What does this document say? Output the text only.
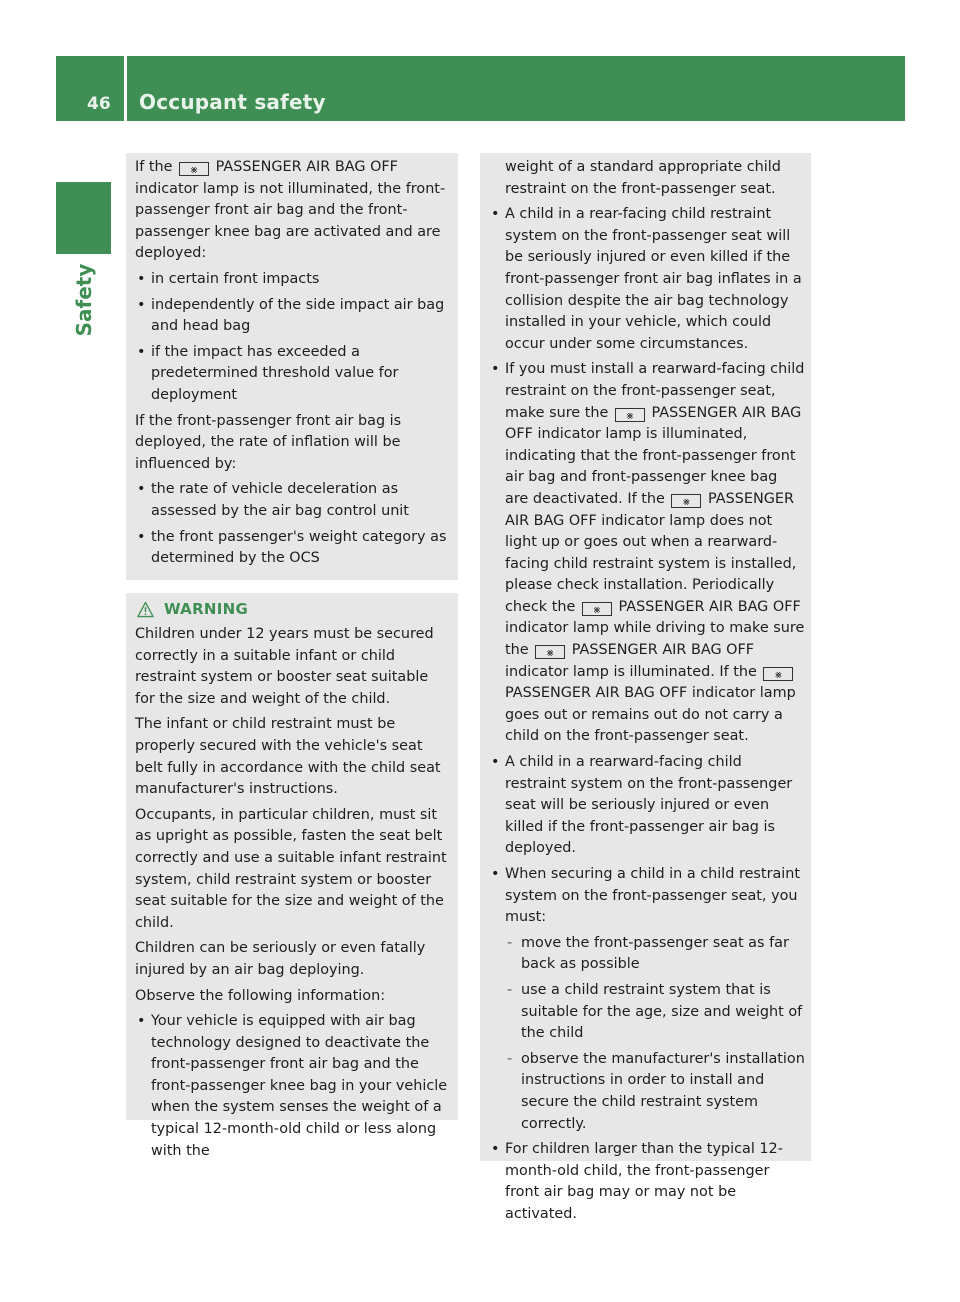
46 Occupant safety
Safety

If the ⨳ PASSENGER AIR BAG OFF indicator lamp is not illuminated, the front-passenger front air bag and the front-passenger knee bag are activated and are deployed:

• in certain front impacts
• independently of the side impact air bag and head bag
• if the impact has exceeded a predetermined threshold value for deployment

If the front-passenger front air bag is deployed, the rate of inflation will be influenced by:

• the rate of vehicle deceleration as assessed by the air bag control unit
• the front passenger's weight category as determined by the OCS
WARNING

Children under 12 years must be secured correctly in a suitable infant or child restraint system or booster seat suitable for the size and weight of the child.

The infant or child restraint must be properly secured with the vehicle's seat belt fully in accordance with the child seat manufacturer's instructions.

Occupants, in particular children, must sit as upright as possible, fasten the seat belt correctly and use a suitable infant restraint system, child restraint system or booster seat suitable for the size and weight of the child.

Children can be seriously or even fatally injured by an air bag deploying.

Observe the following information:

• Your vehicle is equipped with air bag technology designed to deactivate the front-passenger front air bag and the front-passenger knee bag in your vehicle when the system senses the weight of a typical 12-month-old child or less along with the

weight of a standard appropriate child restraint on the front-passenger seat.

• A child in a rear-facing child restraint system on the front-passenger seat will be seriously injured or even killed if the front-passenger front air bag inflates in a collision despite the air bag technology installed in your vehicle, which could occur under some circumstances.
• If you must install a rearward-facing child restraint on the front-passenger seat, make sure the ⨳ PASSENGER AIR BAG OFF indicator lamp is illuminated, indicating that the front-passenger front air bag and front-passenger knee bag are deactivated. If the ⨳ PASSENGER AIR BAG OFF indicator lamp does not light up or goes out when a rearward-facing child restraint system is installed, please check installation. Periodically check the ⨳ PASSENGER AIR BAG OFF indicator lamp while driving to make sure the ⨳ PASSENGER AIR BAG OFF indicator lamp is illuminated. If the ⨳ PASSENGER AIR BAG OFF indicator lamp goes out or remains out do not carry a child on the front-passenger seat.
• A child in a rearward-facing child restraint system on the front-passenger seat will be seriously injured or even killed if the front-passenger air bag is deployed.
• When securing a child in a child restraint system on the front-passenger seat, you must:
- move the front-passenger seat as far back as possible
- use a child restraint system that is suitable for the age, size and weight of the child
- observe the manufacturer's installation instructions in order to install and secure the child restraint system correctly.
• For children larger than the typical 12-month-old child, the front-passenger front air bag may or may not be activated.
